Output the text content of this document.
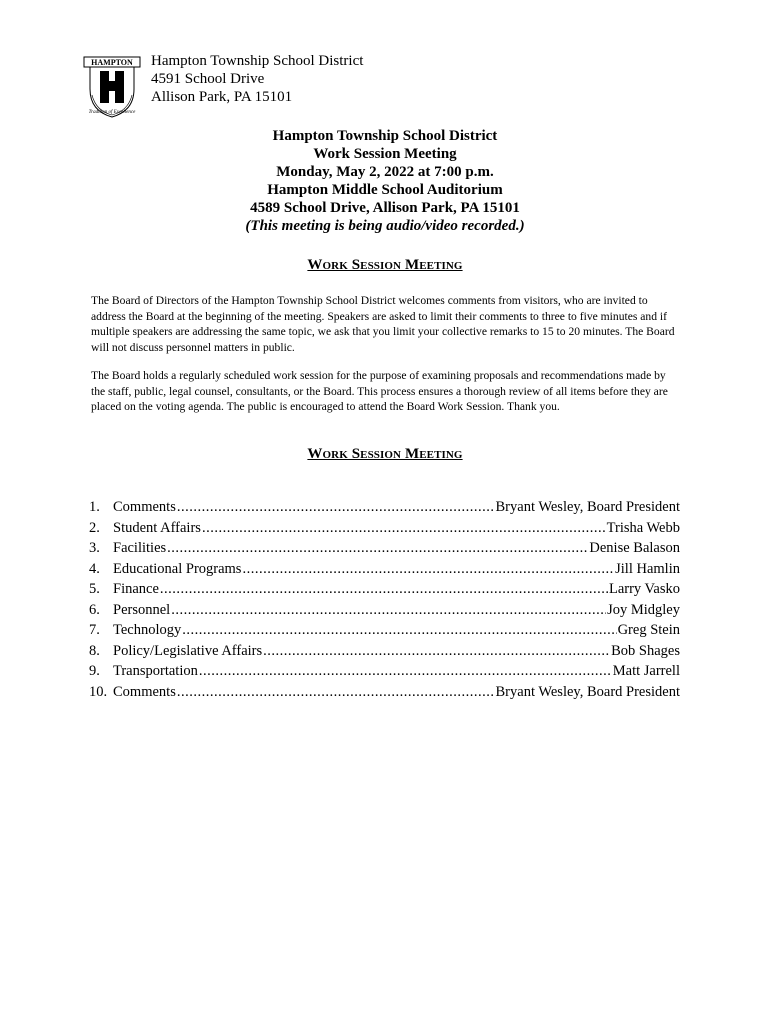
HAMPTON
Tradition of Excellence
Hampton Township School District
4591 School Drive
Allison Park, PA 15101
Hampton Township School District
Work Session Meeting
Monday, May 2, 2022 at 7:00 p.m.
Hampton Middle School Auditorium
4589 School Drive, Allison Park, PA 15101
(This meeting is being audio/video recorded.)
Work Session Meeting
The Board of Directors of the Hampton Township School District welcomes comments from visitors, who are invited to address the Board at the beginning of the meeting. Speakers are asked to limit their comments to three to five minutes and if multiple speakers are addressing the same topic, we ask that you limit your collective remarks to 15 to 20 minutes. The Board will not discuss personnel matters in public.
The Board holds a regularly scheduled work session for the purpose of examining proposals and recommendations made by the staff, public, legal counsel, consultants, or the Board. This process ensures a thorough review of all items before they are placed on the voting agenda. The public is encouraged to attend the Board Work Session. Thank you.
Work Session Meeting
1. Comments .....	Bryant Wesley, Board President
2. Student Affairs .....	Trisha Webb
3. Facilities .....	Denise Balason
4. Educational Programs .....	Jill Hamlin
5. Finance .....	Larry Vasko
6. Personnel .....	Joy Midgley
7. Technology .....	Greg Stein
8. Policy/Legislative Affairs .....	Bob Shages
9. Transportation .....	Matt Jarrell
10. Comments .....	Bryant Wesley, Board President
